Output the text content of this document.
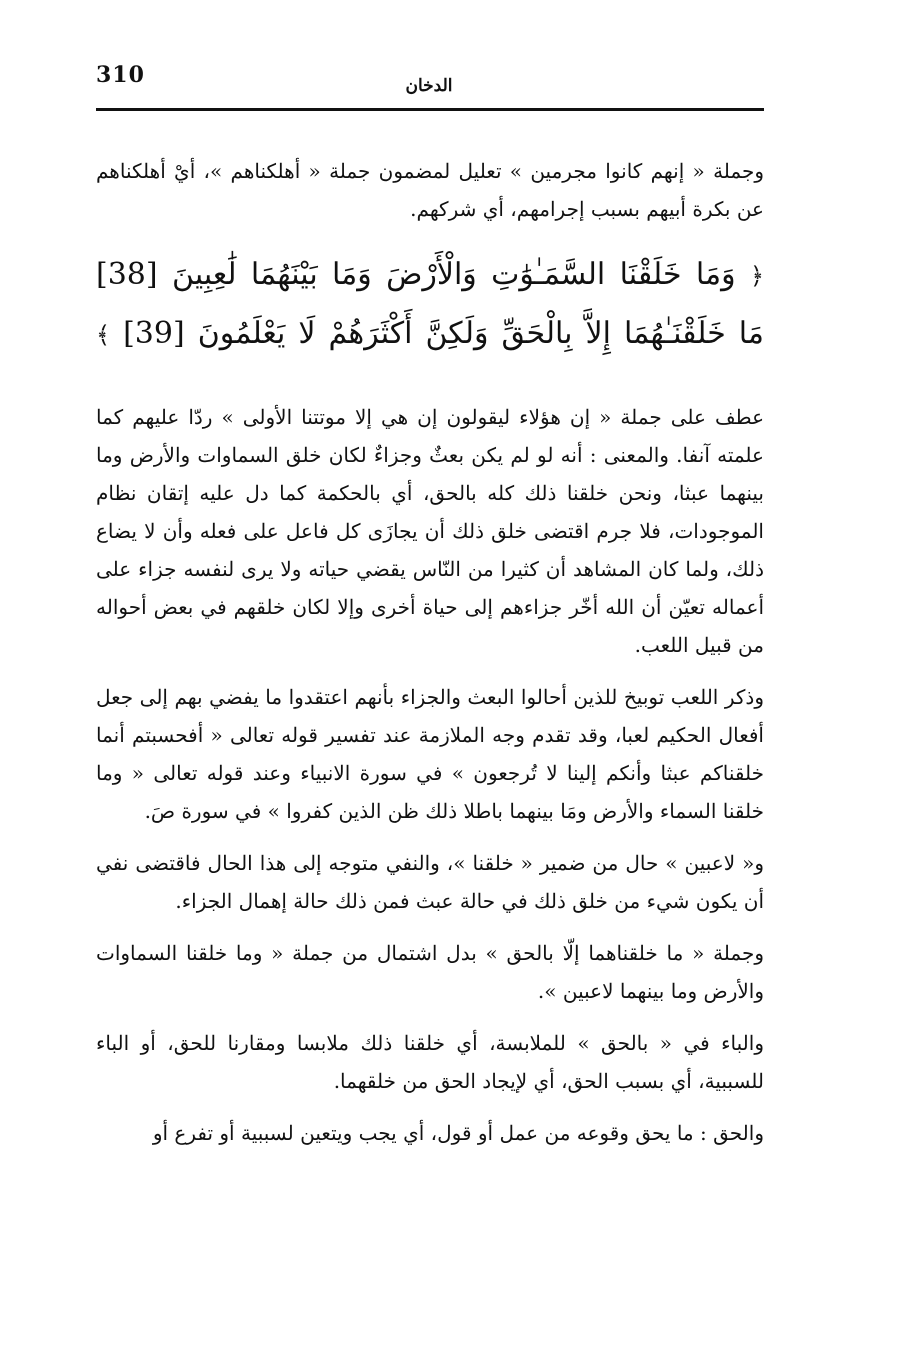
310	الدخان

وجملة « إنهم كانوا مجرمين » تعليل لمضمون جملة « أهلكناهم »، أيْ أهلكناهم عن بكرة أبيهم بسبب إجرامهم، أي شركهم.

﴿ وَمَا خَلَقْنَا السَّمَـٰوَٰتِ وَالْأَرْضَ وَمَا بَيْنَهُمَا لَٰعِبِينَ [38]
مَا خَلَقْنَـٰهُمَا إِلاَّ بِالْحَقِّ وَلَكِنَّ أَكْثَرَهُمْ لَا يَعْلَمُونَ [39] ﴾

عطف على جملة « إن هؤلاء ليقولون إن هي إلا موتتنا الأولى » ردّا عليهم كما علمته آنفا. والمعنى : أنه لو لم يكن بعثٌ وجزاءٌ لكان خلق السماوات والأرض وما بينهما عبثا، ونحن خلقنا ذلك كله بالحق، أي بالحكمة كما دل عليه إتقان نظام الموجودات، فلا جرم اقتضى خلق ذلك أن يجازَى كل فاعل على فعله وأن لا يضاع ذلك، ولما كان المشاهد أن كثيرا من النّاس يقضي حياته ولا يرى لنفسه جزاء على أعماله تعيّن أن الله أخّر جزاءهم إلى حياة أخرى وإلا لكان خلقهم في بعض أحواله من قبيل اللعب.

وذكر اللعب توبيخ للذين أحالوا البعث والجزاء بأنهم اعتقدوا ما يفضي بهم إلى جعل أفعال الحكيم لعبا، وقد تقدم وجه الملازمة عند تفسير قوله تعالى « أفحسبتم أنما خلقناكم عبثا وأنكم إلينا لا تُرجعون » في سورة الانبياء وعند قوله تعالى « وما خلقنا السماء والأرض ومَا بينهما باطلا ذلك ظن الذين كفروا » في سورة صَ.

و« لاعبين » حال من ضمير « خلقنا »، والنفي متوجه إلى هذا الحال فاقتضى نفي أن يكون شيء من خلق ذلك في حالة عبث فمن ذلك حالة إهمال الجزاء.

وجملة « ما خلقناهما إلّا بالحق » بدل اشتمال من جملة « وما خلقنا السماوات والأرض وما بينهما لاعبين ».

والباء في « بالحق » للملابسة، أي خلقنا ذلك ملابسا ومقارنا للحق، أو الباء للسببية، أي بسبب الحق، أي لإيجاد الحق من خلقهما.

والحق : ما يحق وقوعه من عمل أو قول، أي يجب ويتعين لسببية أو تفرع أو
